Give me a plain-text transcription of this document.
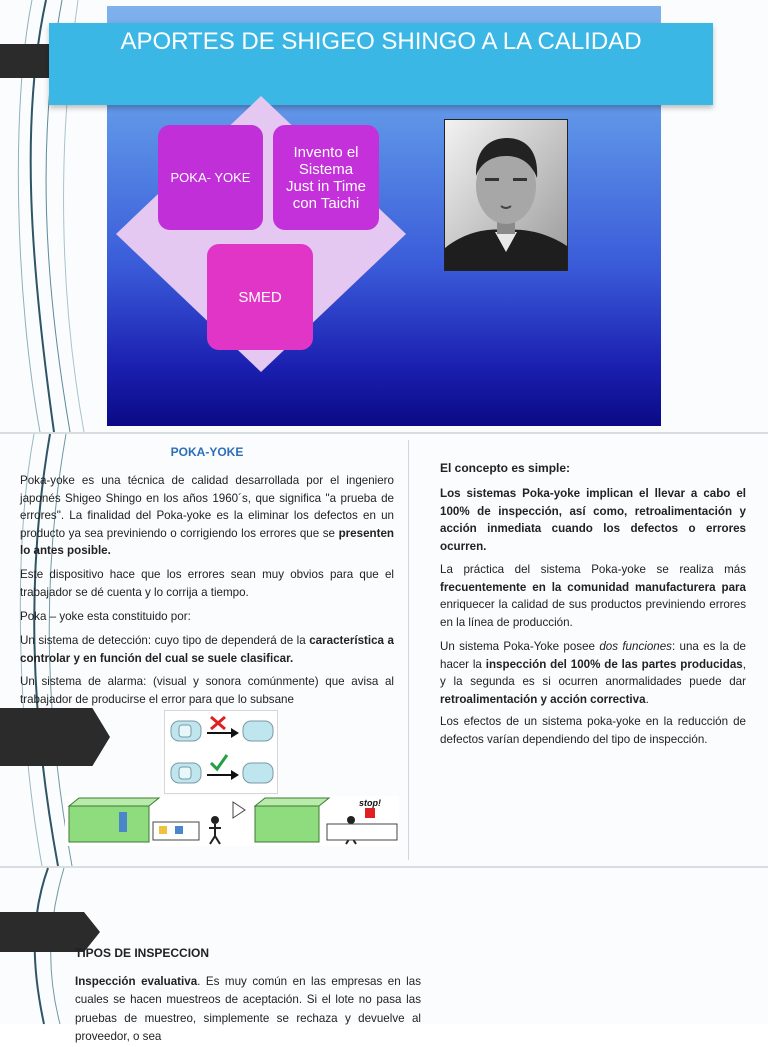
APORTES DE SHIGEO SHINGO A LA CALIDAD
POKA- YOKE
Invento el
Sistema
Just in Time
con Taichi
SMED
POKA-YOKE

Poka-yoke es una técnica de calidad desarrollada por el ingeniero japonés Shigeo Shingo en los años 1960´s, que significa "a prueba de errores". La finalidad del Poka-yoke es la eliminar los defectos en un producto ya sea previniendo o corrigiendo los errores que se presenten lo antes posible.

Este dispositivo hace que los errores sean muy obvios para que el trabajador se dé cuenta y lo corrija a tiempo.

Poka – yoke esta constituido por:

Un sistema de detección: cuyo tipo de dependerá de la característica a controlar y en función del cual se suele clasificar.

Un sistema de alarma: (visual y sonora comúnmente) que avisa al trabajador de producirse el error para que lo subsane

stop!

El concepto es simple:

Los sistemas Poka-yoke implican el llevar a cabo el 100% de inspección, así como, retroalimentación y acción inmediata cuando los defectos o errores ocurren.

La práctica del sistema Poka-yoke se realiza más frecuentemente en la comunidad manufacturera para enriquecer la calidad de sus productos previniendo errores en la línea de producción.

Un sistema Poka-Yoke posee dos funciones: una es la de hacer la inspección del 100% de las partes producidas, y la segunda es si ocurren anormalidades puede dar retroalimentación y acción correctiva.

Los efectos de un sistema poka-yoke en la reducción de defectos varían dependiendo del tipo de inspección.

TIPOS DE INSPECCION
Inspección evaluativa. Es muy común en las empresas en las cuales se hacen muestreos de aceptación. Si el lote no pasa las pruebas de muestreo, simplemente se rechaza y devuelve al proveedor, o sea
